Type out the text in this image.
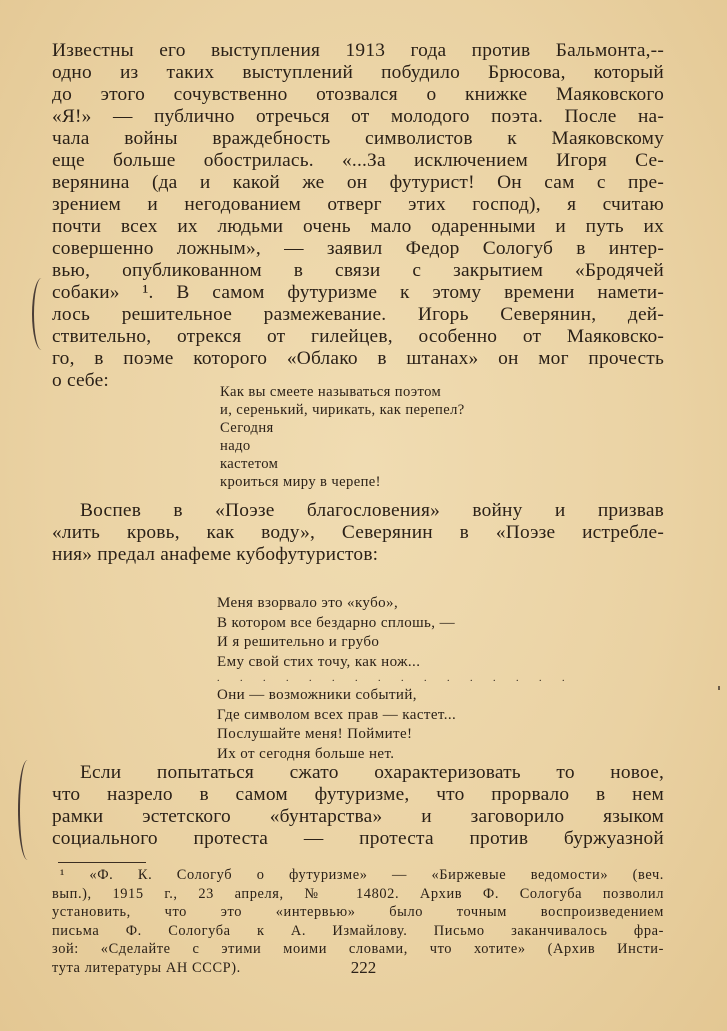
Известны его выступления 1913 года против Бальмонта,--
одно из таких выступлений побудило Брюсова, который
до этого сочувственно отозвался о книжке Маяковского
«Я!» — публично отречься от молодого поэта. После на-
чала войны враждебность символистов к Маяковскому
еще больше обострилась. «...За исключением Игоря Се-
верянина (да и какой же он футурист! Он сам с пре-
зрением и негодованием отверг этих господ), я считаю
почти всех их людьми очень мало одаренными и путь их
совершенно ложным», — заявил Федор Сологуб в интер-
вью, опубликованном в связи с закрытием «Бродячей
собаки» ¹. В самом футуризме к этому времени намети-
лось решительное размежевание. Игорь Северянин, дей-
ствительно, отрекся от гилейцев, особенно от Маяковско-
го, в поэме которого «Облако в штанах» он мог прочесть
о себе:
Как вы смеете называться поэтом
и, серенький, чирикать, как перепел?
Сегодня
надо
кастетом
кроиться миру в черепе!
Воспев в «Поэзе благословения» войну и призвав
«лить кровь, как воду», Северянин в «Поэзе истребле-
ния» предал анафеме кубофутуристов:
Меня взорвало это «кубо»,
В котором все бездарно сплошь, —
И я решительно и грубо
Ему свой стих точу, как нож...
. . . . . . . . . . . . . . . .
Они — возможники событий,
Где символом всех прав — кастет...
Послушайте меня! Поймите!
Их от сегодня больше нет.
Если попытаться сжато охарактеризовать то новое,
что назрело в самом футуризме, что прорвало в нем
рамки эстетского «бунтарства» и заговорило языком
социального протеста — протеста против буржуазной
¹ «Ф. К. Сологуб о футуризме» — «Биржевые ведомости» (веч.
вып.), 1915 г., 23 апреля, № 14802. Архив Ф. Сологуба позволил
установить, что это «интервью» было точным воспроизведением
письма Ф. Сологуба к А. Измайлову. Письмо заканчивалось фра-
зой: «Сделайте с этими моими словами, что хотите» (Архив Инсти-
тута литературы АН СССР).	222
